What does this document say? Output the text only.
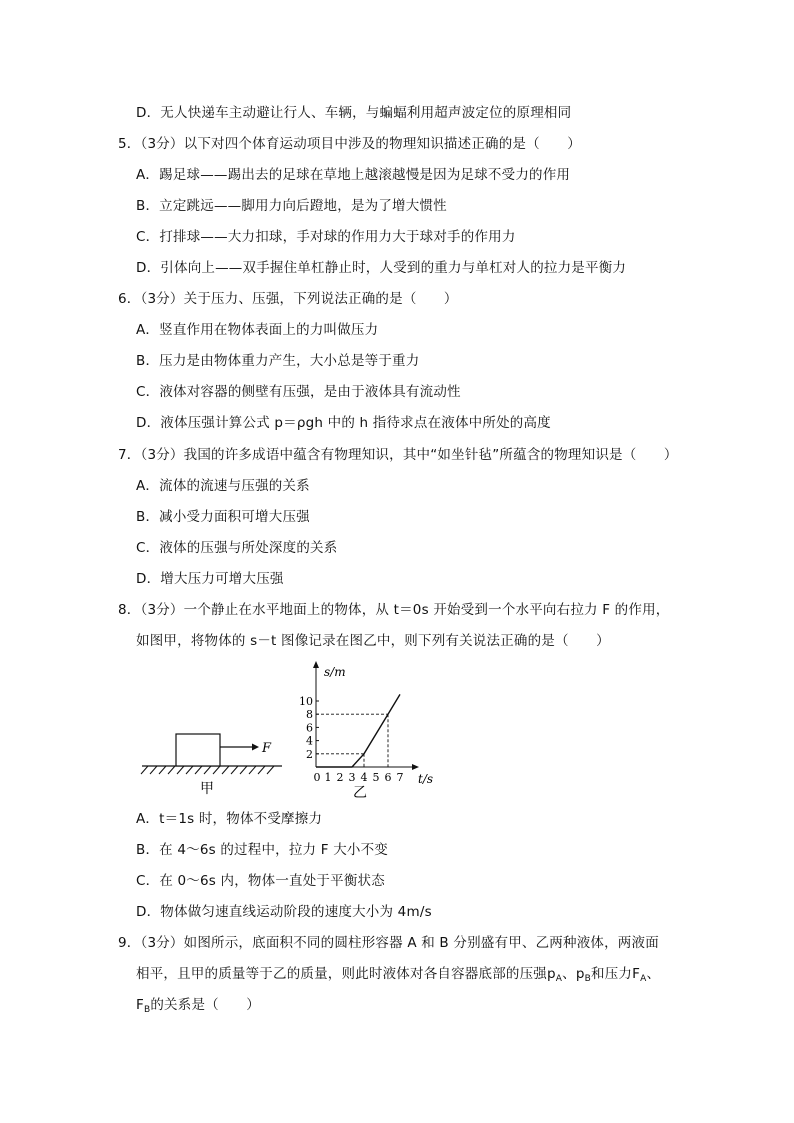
D．无人快递车主动避让行人、车辆，与蝙蝠利用超声波定位的原理相同
5．（3分）以下对四个体育运动项目中涉及的物理知识描述正确的是（　　）
A．踢足球——踢出去的足球在草地上越滚越慢是因为足球不受力的作用
B．立定跳远——脚用力向后蹬地，是为了增大惯性
C．打排球——大力扣球，手对球的作用力大于球对手的作用力
D．引体向上——双手握住单杠静止时，人受到的重力与单杠对人的拉力是平衡力
6．（3分）关于压力、压强，下列说法正确的是（　　）
A．竖直作用在物体表面上的力叫做压力
B．压力是由物体重力产生，大小总是等于重力
C．液体对容器的侧壁有压强，是由于液体具有流动性
D．液体压强计算公式 p＝ρgh 中的 h 指待求点在液体中所处的高度
7．（3分）我国的许多成语中蕴含有物理知识，其中“如坐针毡”所蕴含的物理知识是（　　）
A．流体的流速与压强的关系
B．减小受力面积可增大压强
C．液体的压强与所处深度的关系
D．增大压力可增大压强
8．（3分）一个静止在水平地面上的物体，从 t＝0s 开始受到一个水平向右拉力 F 的作用，
如图甲，将物体的 s－t 图像记录在图乙中，则下列有关说法正确的是（　　）
F
甲
s/m
t/s
2
4
6
8
10
0 1 2 3 4 5 6 7
乙
A．t＝1s 时，物体不受摩擦力
B．在 4～6s 的过程中，拉力 F 大小不变
C．在 0～6s 内，物体一直处于平衡状态
D．物体做匀速直线运动阶段的速度大小为 4m/s
9．（3分）如图所示，底面积不同的圆柱形容器 A 和 B 分别盛有甲、乙两种液体，两液面
相平，且甲的质量等于乙的质量，则此时液体对各自容器底部的压强$p_A$、$p_B$和压力$F_A$、
$F_B$的关系是（　　）
